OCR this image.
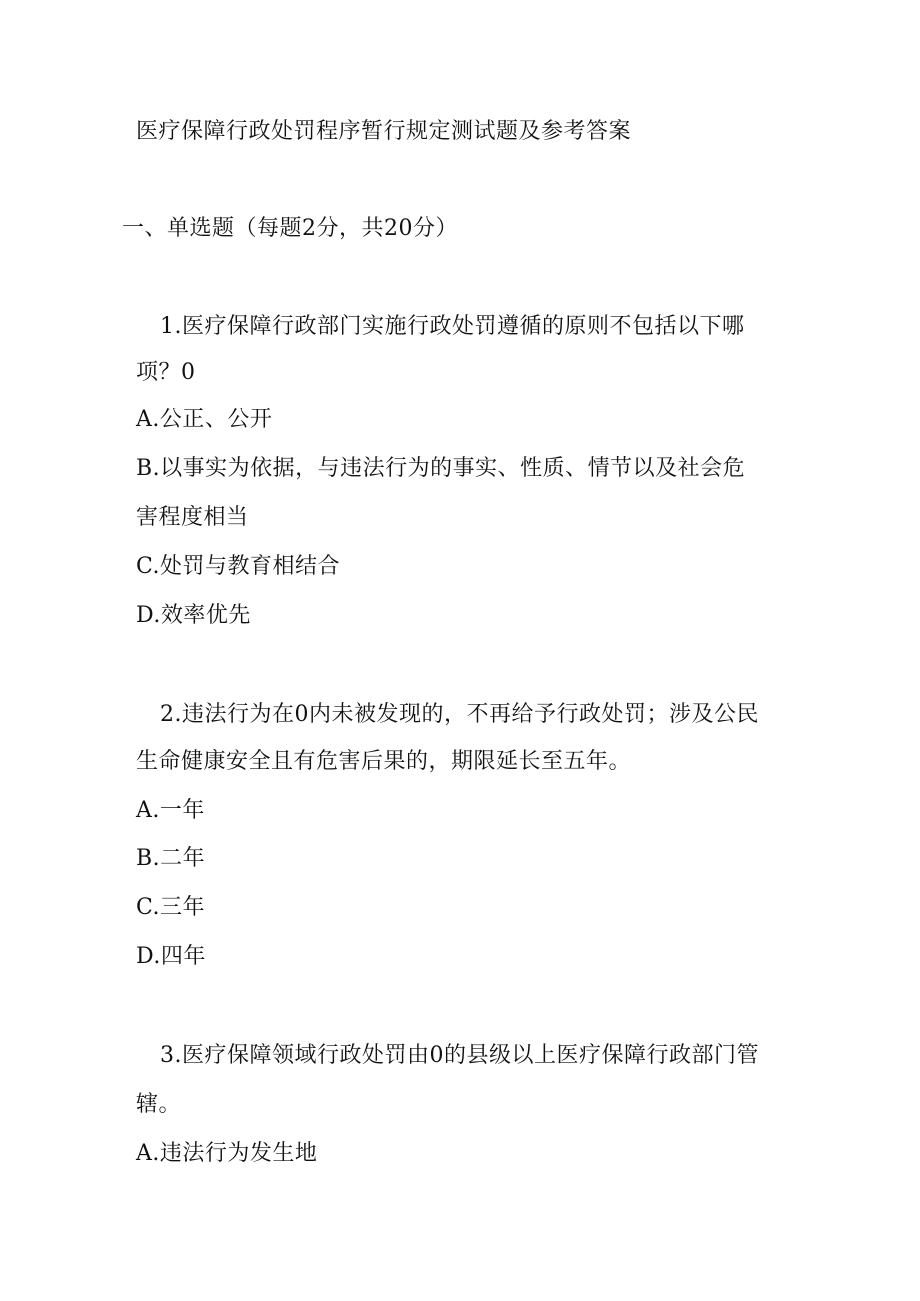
医疗保障行政处罚程序暂行规定测试题及参考答案
一、单选题（每题2分，共20分）
1.医疗保障行政部门实施行政处罚遵循的原则不包括以下哪
项？0
A.公正、公开
B.以事实为依据，与违法行为的事实、性质、情节以及社会危
害程度相当
C.处罚与教育相结合
D.效率优先
2.违法行为在0内未被发现的，不再给予行政处罚；涉及公民
生命健康安全且有危害后果的，期限延长至五年。
A.一年
B.二年
C.三年
D.四年
3.医疗保障领域行政处罚由0的县级以上医疗保障行政部门管
辖。
A.违法行为发生地
